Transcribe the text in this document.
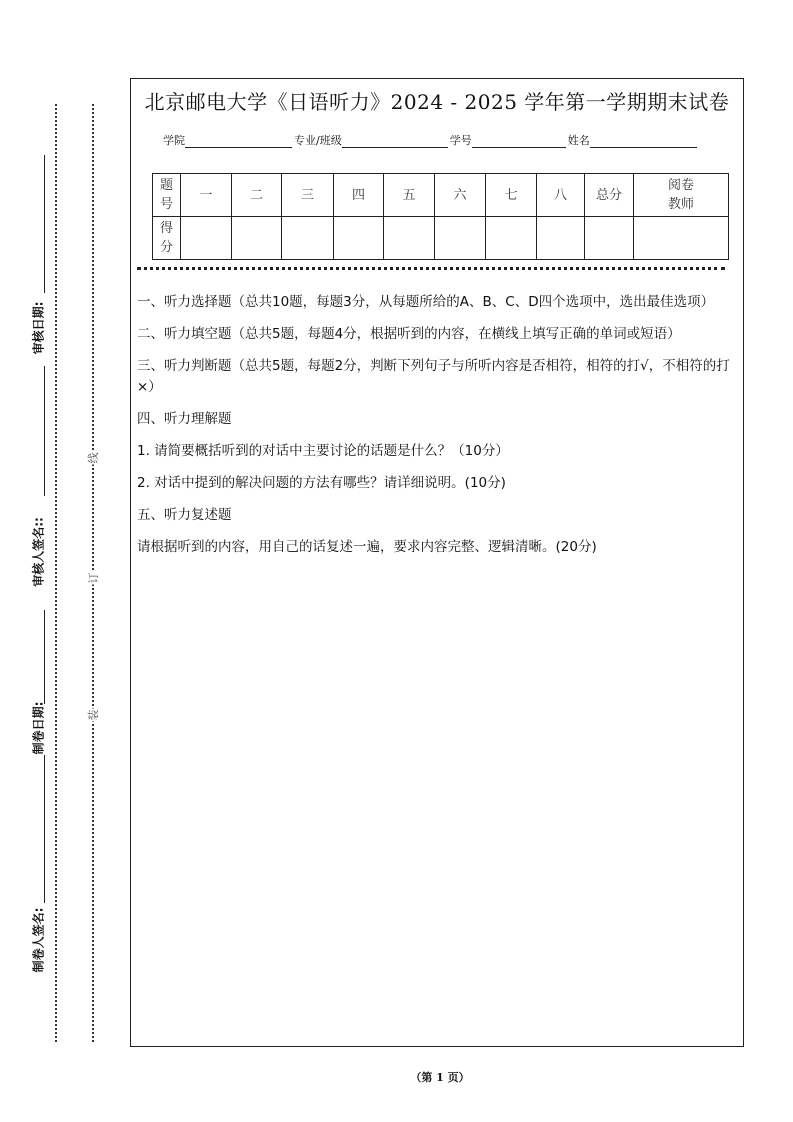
北京邮电大学《日语听力》2024 - 2025 学年第一学期期末试卷
学院	专业/班级	学号	姓名
题
号	一	二	三	四	五	六	七	八	总分	阅卷
教师
得
分										

一、听力选择题（总共10题，每题3分，从每题所给的A、B、C、D四个选项中，选出最佳选项）

二、听力填空题（总共5题，每题4分，根据听到的内容，在横线上填写正确的单词或短语）

三、听力判断题（总共5题，每题2分，判断下列句子与所听内容是否相符，相符的打√，不相符的打×）

四、听力理解题

1. 请简要概括听到的对话中主要讨论的话题是什么？（10分）

2. 对话中提到的解决问题的方法有哪些？请详细说明。(10分)

五、听力复述题

请根据听到的内容，用自己的话复述一遍，要求内容完整、逻辑清晰。(20分)

审核日期:
审核人签名::
制卷日期:
制卷人签名:
线
订
装
（第 1 页）
